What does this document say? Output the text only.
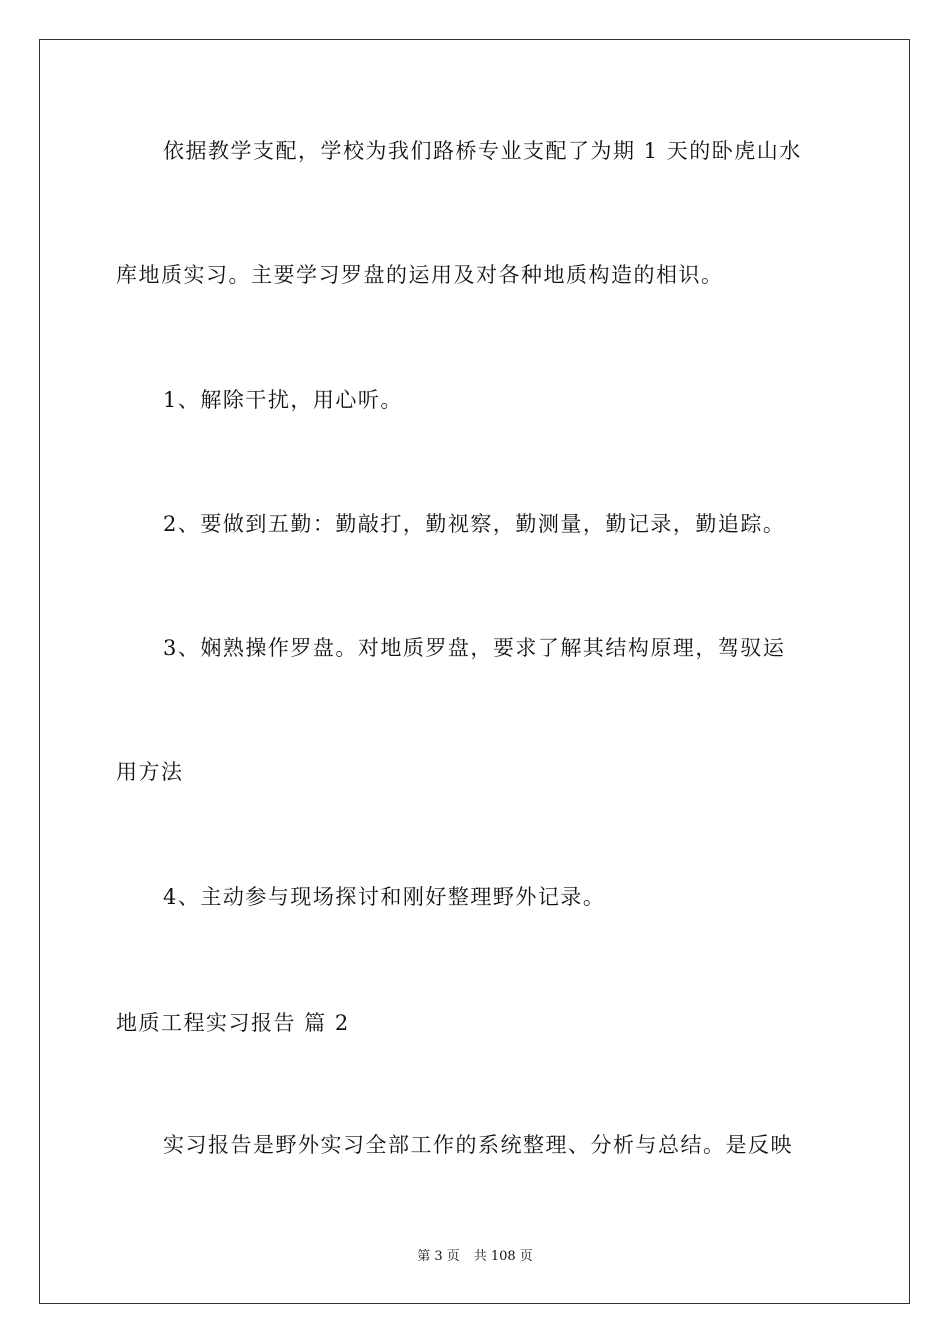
依据教学支配，学校为我们路桥专业支配了为期 1 天的卧虎山水
库地质实习。主要学习罗盘的运用及对各种地质构造的相识。
1、解除干扰，用心听。
2、要做到五勤：勤敲打，勤视察，勤测量，勤记录，勤追踪。
3、娴熟操作罗盘。对地质罗盘，要求了解其结构原理，驾驭运
用方法
4、主动参与现场探讨和刚好整理野外记录。
地质工程实习报告 篇 2
实习报告是野外实习全部工作的系统整理、分析与总结。是反映
第 3 页 共 108 页
